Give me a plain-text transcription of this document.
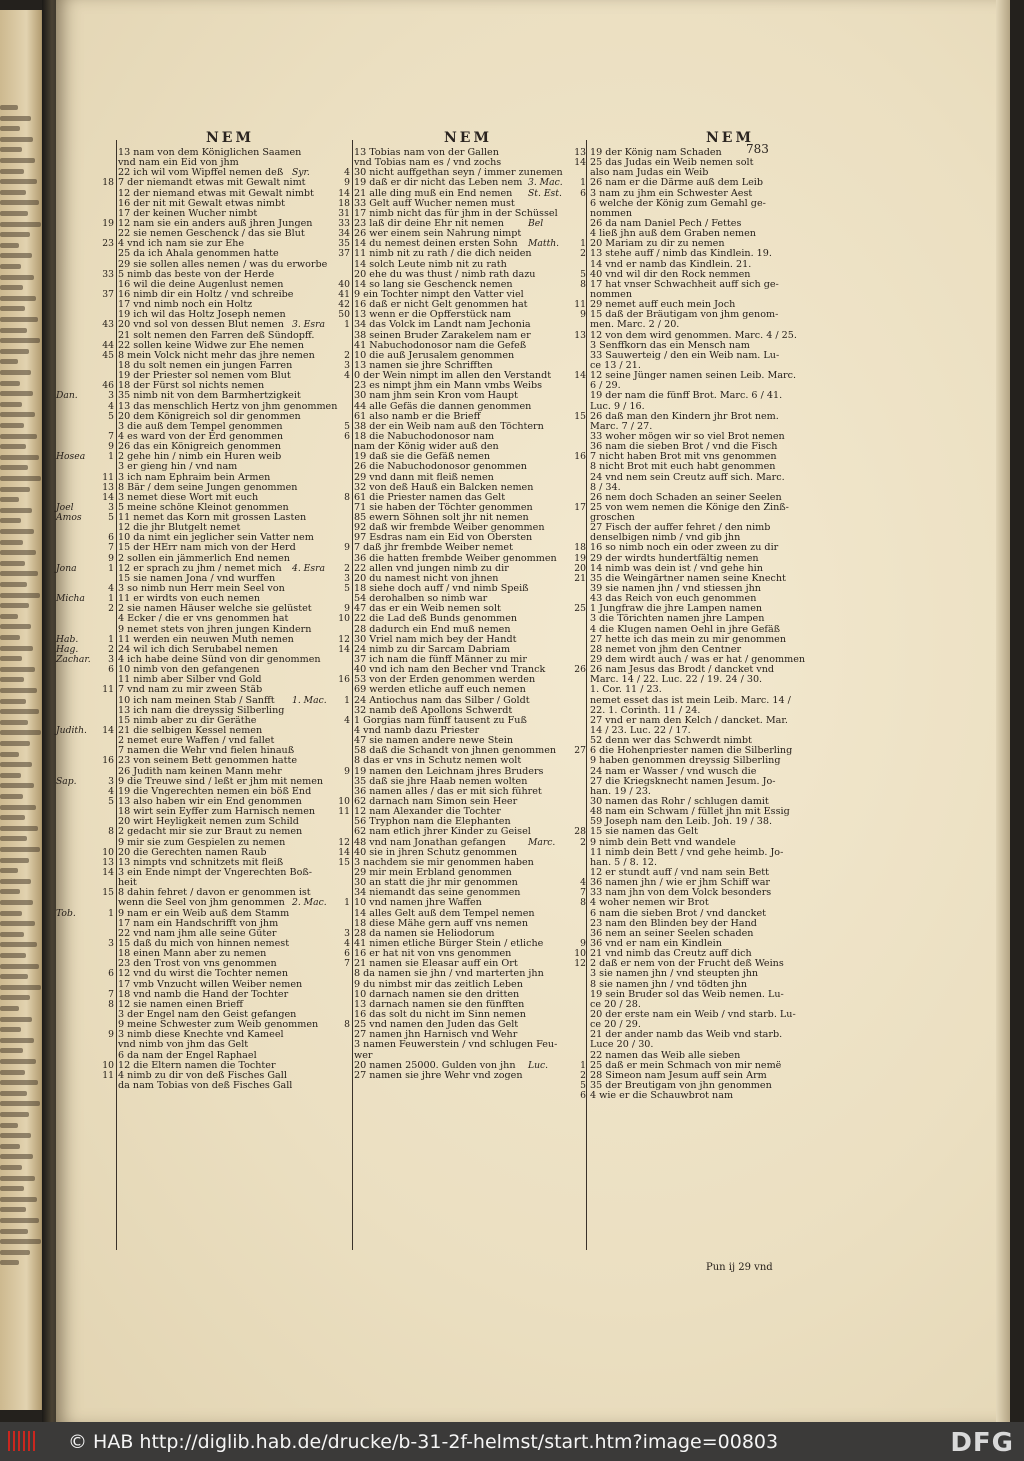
NEM	NEM	NEM
783
13 nam von dem Königlichen Saamen
vnd nam ein Eid von jhm
22 ich wil vom Wipffel nemen deß
18 7 der niemandt etwas mit Gewalt nimt
12 der niemand etwas mit Gewalt nimbt
16 der nit mit Gewalt etwas nimbt
17 der keinen Wucher nimbt
19 12 nam sie ein anders auß jhren Jungen
22 sie nemen Geschenck / das sie Blut
23 4 vnd ich nam sie zur Ehe
25 da ich Ahala genommen hatte
29 sie sollen alles nemen / was du erworbe
33 5 nimb das beste von der Herde
16 wil die deine Augenlust nemen
37 16 nimb dir ein Holtz / vnd schreibe
17 vnd nimb noch ein Holtz
19 ich wil das Holtz Joseph nemen
43 20 vnd sol von dessen Blut nemen
21 solt nemen den Farren deß Sündopff.
44 22 sollen keine Widwe zur Ehe nemen
45 8 mein Volck nicht mehr das jhre nemen
18 du solt nemen ein jungen Farren
19 der Priester sol nemen vom Blut
46 18 der Fürst sol nichts nemen
Dan.	3 35 nimb nit von dem Barmhertzigkeit
4 13 das menschlich Hertz von jhm genommen
5 20 dem Königreich sol dir genommen
3 die auß dem Tempel genommen
7 4 es ward von der Erd genommen
9 26 das ein Königreich genommen
Hosea	1 2 gehe hin / nimb ein Huren weib
3 er gieng hin / vnd nam
11 3 ich nam Ephraim bein Armen
13 8 Bär / dem seine Jungen genommen
14 3 nemet diese Wort mit euch
Joel	3 5 meine schöne Kleinot genommen
Amos	5 11 nemet das Korn mit grossen Lasten
12 die jhr Blutgelt nemet
6 10 da nimt ein jeglicher sein Vatter nem
7 15 der HErr nam mich von der Herd
9 2 sollen ein jämmerlich End nemen
Jona	1 12 er sprach zu jhm / nemet mich
15 sie namen Jona / vnd wurffen
4 3 so nimb nun Herr mein Seel von
Micha	1 11 er wirdts von euch nemen
2 2 sie namen Häuser welche sie gelüstet
4 Ecker / die er vns genommen hat
9 nemet stets von jhren jungen Kindern
Hab.	1 11 werden ein neuwen Muth nemen
Hag.	2 24 wil ich dich Serubabel nemen
Zachar.	3 4 ich habe deine Sünd von dir genommen
6 10 nimb von den gefangenen
11 nimb aber Silber vnd Gold
11 7 vnd nam zu mir zween Stäb
10 ich nam meinen Stab / Sanfft
13 ich nam die dreyssig Silberling
15 nimb aber zu dir Geräthe
Judith.	14 21 die selbigen Kessel nemen
2 nemet eure Waffen / vnd fallet
7 namen die Wehr vnd fielen hinauß
16 23 von seinem Bett genommen hatte
26 Judith nam keinen Mann mehr
Sap.	3 9 die Treuwe sind / leßt er jhm mit nemen
4 19 die Vngerechten nemen ein böß End
5 13 also haben wir ein End genommen
18 wirt sein Eyffer zum Harnisch nemen
20 wirt Heyligkeit nemen zum Schild
8 2 gedacht mir sie zur Braut zu nemen
9 mir sie zum Gespielen zu nemen
10 20 die Gerechten namen Raub
13 13 nimpts vnd schnitzets mit fleiß
14 3 ein Ende nimpt der Vngerechten Boß-
heit
15 8 dahin fehret / davon er genommen ist
wenn die Seel von jhm genommen
Tob.	1 9 nam er ein Weib auß dem Stamm
17 nam ein Handschrifft von jhm
22 vnd nam jhm alle seine Güter
3 15 daß du mich von hinnen nemest
18 einen Mann aber zu nemen
23 den Trost von vns genommen
6 12 vnd du wirst die Tochter nemen
17 vmb Vnzucht willen Weiber nemen
7 18 vnd namb die Hand der Tochter
8 12 sie namen einen Brieff
3 der Engel nam den Geist gefangen
9 meine Schwester zum Weib genommen
9 3 nimb diese Knechte vnd Kameel
vnd nimb von jhm das Gelt
6 da nam der Engel Raphael
10 12 die Eltern namen die Tochter
11 4 nimb zu dir von deß Fisches Gall
da nam Tobias von deß Fisches Gall
13 Tobias nam von der Gallen
vnd Tobias nam es / vnd zochs
Syr.	4 30 nicht auffgethan seyn / immer zunemen
9 19 daß er dir nicht das Leben nem
14 21 alle ding muß ein End nemen
18 33 Gelt auff Wucher nemen must
31 17 nimb nicht das für jhm in der Schüssel
33 23 laß dir deine Ehr nit nemen
34 26 wer einem sein Nahrung nimpt
35 14 du nemest deinen ersten Sohn
37 11 nimb nit zu rath / die dich neiden
14 solch Leute nimb nit zu rath
20 ehe du was thust / nimb rath dazu
40 14 so lang sie Geschenck nemen
41 9 ein Tochter nimpt den Vatter viel
42 16 daß er nicht Gelt genommen hat
50 13 wenn er die Opfferstück nam
3. Esra	1 34 das Volck im Landt nam Jechonia
38 seinen Bruder Zarakelem nam er
41 Nabuchodonosor nam die Gefeß
2 10 die auß Jerusalem genommen
3 13 namen sie jhre Schrifften
4 0 der Wein nimpt im allen den Verstandt
23 es nimpt jhm ein Mann vmbs Weibs
30 nam jhm sein Kron vom Haupt
44 alle Gefäs die dannen genommen
61 also namb er die Brieff
5 38 der ein Weib nam auß den Töchtern
6 18 die Nabuchodonosor nam
nam der König wider auß den
19 daß sie die Gefäß nemen
26 die Nabuchodonosor genommen
29 vnd dann mit fleiß nemen
32 von deß Hauß ein Balcken nemen
8 61 die Priester namen das Gelt
71 sie haben der Töchter genommen
85 ewern Söhnen solt jhr nit nemen
92 daß wir frembde Weiber genommen
97 Esdras nam ein Eid von Obersten
9 7 daß jhr frembde Weiber nemet
36 die hatten frembde Weiber genommen
4. Esra	2 22 allen vnd jungen nimb zu dir
3 20 du namest nicht von jhnen
5 18 siehe doch auff / vnd nimb Speiß
54 derohalben so nimb war
9 47 das er ein Weib nemen solt
10 22 die Lad deß Bunds genommen
28 dadurch ein End muß nemen
12 30 Vriel nam mich bey der Handt
14 24 nimb zu dir Sarcam Dabriam
37 ich nam die fünff Männer zu mir
40 vnd ich nam den Becher vnd Tranck
16 53 von der Erden genommen werden
69 werden etliche auff euch nemen
1. Mac.	1 24 Antiochus nam das Silber / Goldt
32 namb deß Apollons Schwerdt
4 1 Gorgias nam fünff tausent zu Fuß
4 vnd namb dazu Priester
47 sie namen andere newe Stein
58 daß die Schandt von jhnen genommen
8 das er vns in Schutz nemen wolt
9 19 namen den Leichnam jhres Bruders
35 daß sie jhre Haab nemen wolten
36 namen alles / das er mit sich führet
10 62 darnach nam Simon sein Heer
11 12 nam Alexander die Tochter
56 Tryphon nam die Elephanten
62 nam etlich jhrer Kinder zu Geisel
12 48 vnd nam Jonathan gefangen
14 40 sie in jhren Schutz genommen
15 3 nachdem sie mir genommen haben
29 mir mein Erbland genommen
30 an statt die jhr mir genommen
34 niemandt das seine genommen
2. Mac.	1 10 vnd namen jhre Waffen
14 alles Gelt auß dem Tempel nemen
18 diese Mähe gern auff vns nemen
3 28 da namen sie Heliodorum
4 41 nimen etliche Bürger Stein / etliche
6 16 er hat nit von vns genommen
7 21 namen sie Eleasar auff ein Ort
8 da namen sie jhn / vnd marterten jhn
9 du nimbst mir das zeitlich Leben
10 darnach namen sie den dritten
13 darnach namen sie den fünfften
16 das solt du nicht im Sinn nemen
8 25 vnd namen den Juden das Gelt
27 namen jhn Harnisch vnd Wehr
3 namen Feuwerstein / vnd schlugen Feu-
wer
20 namen 25000. Gulden von jhn
27 namen sie jhre Wehr vnd zogen
13 19 der König nam Schaden
14 25 das Judas ein Weib nemen solt
also nam Judas ein Weib
3. Mac.	1 26 nam er die Därme auß dem Leib
St. Est.	6 3 nam zu jhm ein Schwester Aest
6 welche der König zum Gemahl ge-
nommen
Bel	26 da nam Daniel Pech / Fettes
4 ließ jhn auß dem Graben nemen
Matth.	1 20 Mariam zu dir zu nemen
2 13 stehe auff / nimb das Kindlein. 19.
14 vnd er namb das Kindlein. 21.
5 40 vnd wil dir den Rock nemmen
8 17 hat vnser Schwachheit auff sich ge-
nommen
11 29 nemet auff euch mein Joch
9 15 daß der Bräutigam von jhm genom-
men. Marc. 2 / 20.
13 12 von dem wird genommen. Marc. 4 / 25.
3 Senffkorn das ein Mensch nam
33 Sauwerteig / den ein Weib nam. Lu-
ce 13 / 21.
14 12 seine Jünger namen seinen Leib. Marc.
6 / 29.
19 der nam die fünff Brot. Marc. 6 / 41.
Luc. 9 / 16.
15 26 daß man den Kindern jhr Brot nem.
Marc. 7 / 27.
33 woher mögen wir so viel Brot nemen
36 nam die sieben Brot / vnd die Fisch
16 7 nicht haben Brot mit vns genommen
8 nicht Brot mit euch habt genommen
24 vnd nem sein Creutz auff sich. Marc.
8 / 34.
26 nem doch Schaden an seiner Seelen
17 25 von wem nemen die Könige den Zinß-
groschen
27 Fisch der auffer fehret / den nimb
denselbigen nimb / vnd gib jhn
18 16 so nimb noch ein oder zween zu dir
19 29 der wirdts hundertfältig nemen
20 14 nimb was dein ist / vnd gehe hin
21 35 die Weingärtner namen seine Knecht
39 sie namen jhn / vnd stiessen jhn
43 das Reich von euch genommen
25 1 Jungfraw die jhre Lampen namen
3 die Törichten namen jhre Lampen
4 die Klugen namen Oehl in jhre Gefäß
27 hette ich das mein zu mir genommen
28 nemet von jhm den Centner
29 dem wirdt auch / was er hat / genommen
26 26 nam Jesus das Brodt / dancket vnd
Marc. 14 / 22. Luc. 22 / 19. 24 / 30.
1. Cor. 11 / 23.
nemet esset das ist mein Leib. Marc. 14 /
22. 1. Corinth. 11 / 24.
27 vnd er nam den Kelch / dancket. Mar.
14 / 23. Luc. 22 / 17.
52 denn wer das Schwerdt nimbt
27 6 die Hohenpriester namen die Silberling
9 haben genommen dreyssig Silberling
24 nam er Wasser / vnd wusch die
27 die Kriegsknecht namen Jesum. Jo-
han. 19 / 23.
30 namen das Rohr / schlugen damit
48 nam ein Schwam / füllet jhn mit Essig
59 Joseph nam den Leib. Joh. 19 / 38.
28 15 sie namen das Gelt
Marc.	2 9 nimb dein Bett vnd wandele
11 nimb dein Bett / vnd gehe heimb. Jo-
han. 5 / 8. 12.
12 er stundt auff / vnd nam sein Bett
4 36 namen jhn / wie er jhm Schiff war
7 33 nam jhn von dem Volck besonders
8 4 woher nemen wir Brot
6 nam die sieben Brot / vnd dancket
23 nam den Blinden bey der Hand
36 nem an seiner Seelen schaden
9 36 vnd er nam ein Kindlein
10 21 vnd nimb das Creutz auff dich
12 2 daß er nem von der Frucht deß Weins
3 sie namen jhn / vnd steupten jhn
8 sie namen jhn / vnd tödten jhn
19 sein Bruder sol das Weib nemen. Lu-
ce 20 / 28.
20 der erste nam ein Weib / vnd starb. Lu-
ce 20 / 29.
21 der ander namb das Weib vnd starb.
Luce 20 / 30.
22 namen das Weib alle sieben
Luc.	1 25 daß er mein Schmach von mir nemë
2 28 Simeon nam Jesum auff sein Arm
5 35 der Breutigam von jhn genommen
6 4 wie er die Schauwbrot nam
Pun ij 29 vnd
© HAB http://diglib.hab.de/drucke/b-31-2f-helmst/start.htm?image=00803	DFG
